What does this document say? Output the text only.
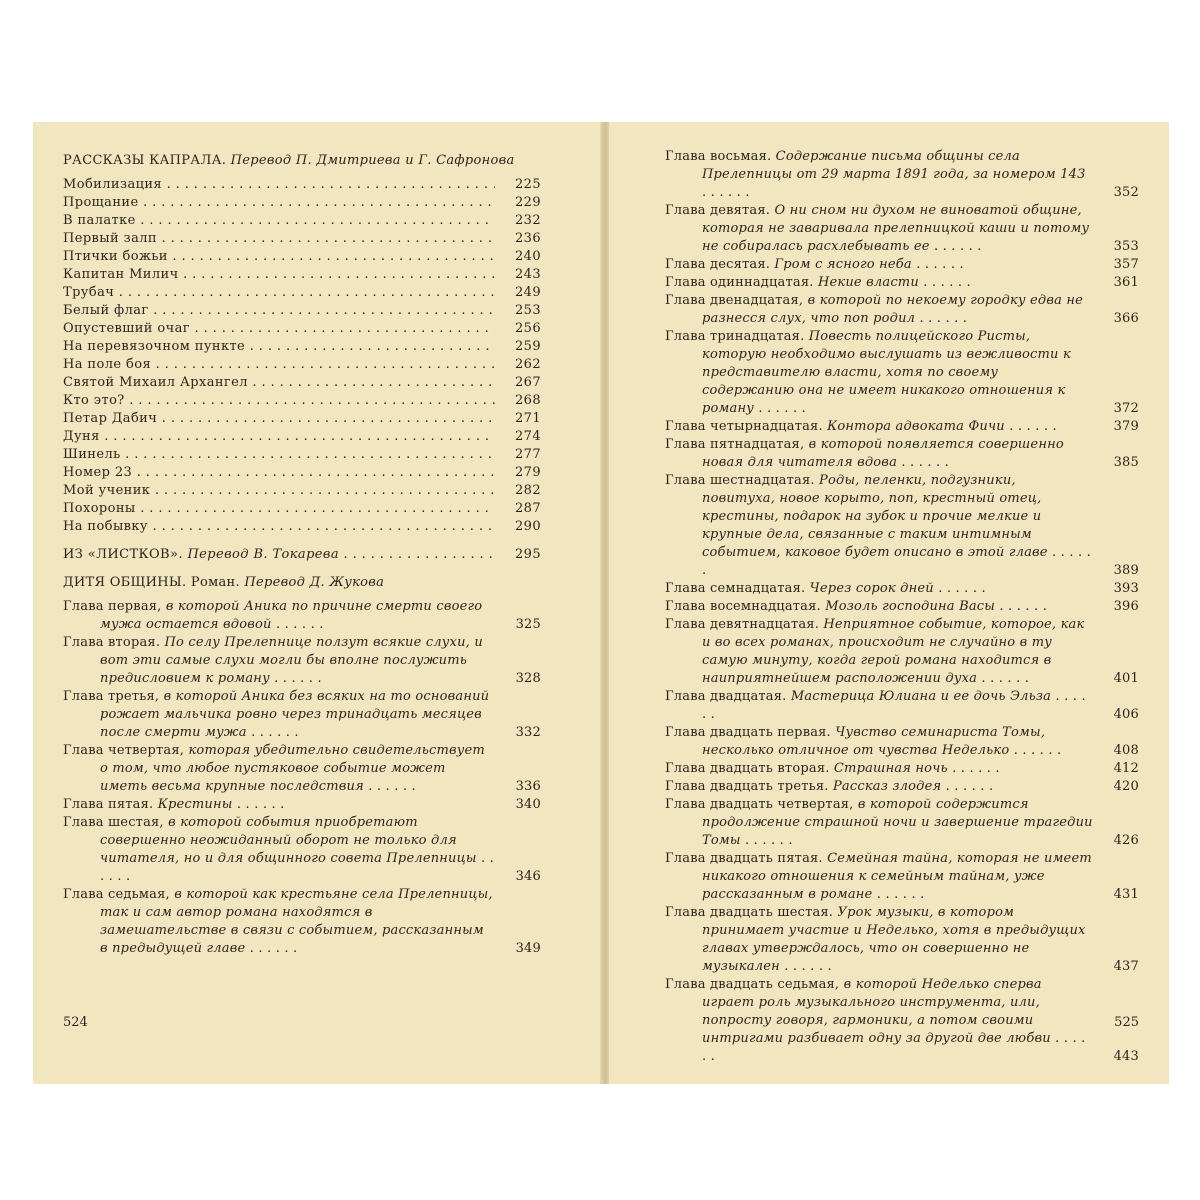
РАССКАЗЫ КАПРАЛА. Перевод П. Дмитриева и Г. Сафронова
Мобилизация . .	225
Прощание . .	229
В палатке . .	232
Первый залп . .	236
Птички божьи . .	240
Капитан Милич . .	243
Трубач . .	249
Белый флаг . .	253
Опустевший очаг . .	256
На перевязочном пункте . .	259
На поле боя . .	262
Святой Михаил Архангел . .	267
Кто это? . .	268
Петар Дабич . .	271
Дуня . .	274
Шинель . .	277
Номер 23 . .	279
Мой ученик . .	282
Похороны . .	287
На побывку . .	290
ИЗ «ЛИСТКОВ». Перевод В. Токарева . .	295
ДИТЯ ОБЩИНЫ. Роман. Перевод Д. Жукова
Глава первая, в которой Аника по причине смерти своего мужа остается вдовой . . . . . .	325
Глава вторая. По селу Прелепнице ползут всякие слухи, и вот эти самые слухи могли бы вполне послужить предисловием к роману . . . . . .	328
Глава третья, в которой Аника без всяких на то оснований рожает мальчика ровно через тринадцать месяцев после смерти мужа . . . . . .	332
Глава четвертая, которая убедительно свидетельствует о том, что любое пустяковое событие может иметь весьма крупные последствия . . . . . .	336
Глава пятая. Крестины . . . . . .	340
Глава шестая, в которой события приобретают совершенно неожиданный оборот не только для читателя, но и для общинного совета Прелепницы . . . . . .	346
Глава седьмая, в которой как крестьяне села Прелепницы, так и сам автор романа находятся в замешательстве в связи с событием, рассказанным в предыдущей главе . . . . . .	349
524
Глава восьмая. Содержание письма общины села Прелепницы от 29 марта 1891 года, за номером 143 . . . . . .	352
Глава девятая. О ни сном ни духом не виноватой общине, которая не заваривала прелепницкой каши и потому не собиралась расхлебывать ее . . . . . .	353
Глава десятая. Гром с ясного неба . . . . . .	357
Глава одиннадцатая. Некие власти . . . . . .	361
Глава двенадцатая, в которой по некоему городку едва не разнесся слух, что поп родил . . . . . .	366
Глава тринадцатая. Повесть полицейского Ристы, которую необходимо выслушать из вежливости к представителю власти, хотя по своему содержанию она не имеет никакого отношения к роману . . . . . .	372
Глава четырнадцатая. Контора адвоката Фичи . . . . . .	379
Глава пятнадцатая, в которой появляется совершенно новая для читателя вдова . . . . . .	385
Глава шестнадцатая. Роды, пеленки, подгузники, повитуха, новое корыто, поп, крестный отец, крестины, подарок на зубок и прочие мелкие и крупные дела, связанные с таким интимным событием, каковое будет описано в этой главе . . . . . .	389
Глава семнадцатая. Через сорок дней . . . . . .	393
Глава восемнадцатая. Мозоль господина Васы . . . . . .	396
Глава девятнадцатая. Неприятное событие, которое, как и во всех романах, происходит не случайно в ту самую минуту, когда герой романа находится в наиприятнейшем расположении духа . . . . . .	401
Глава двадцатая. Мастерица Юлиана и ее дочь Эльза . . . . . .	406
Глава двадцать первая. Чувство семинариста Томы, несколько отличное от чувства Неделько . . . . . .	408
Глава двадцать вторая. Страшная ночь . . . . . .	412
Глава двадцать третья. Рассказ злодея . . . . . .	420
Глава двадцать четвертая, в которой содержится продолжение страшной ночи и завершение трагедии Томы . . . . . .	426
Глава двадцать пятая. Семейная тайна, которая не имеет никакого отношения к семейным тайнам, уже рассказанным в романе . . . . . .	431
Глава двадцать шестая. Урок музыки, в котором принимает участие и Неделько, хотя в предыдущих главах утверждалось, что он совершенно не музыкален . . . . . .	437
Глава двадцать седьмая, в которой Неделько сперва играет роль музыкального инструмента, или, попросту говоря, гармоники, а потом своими интригами разбивает одну за другой две любви . . . . . .	443
525
